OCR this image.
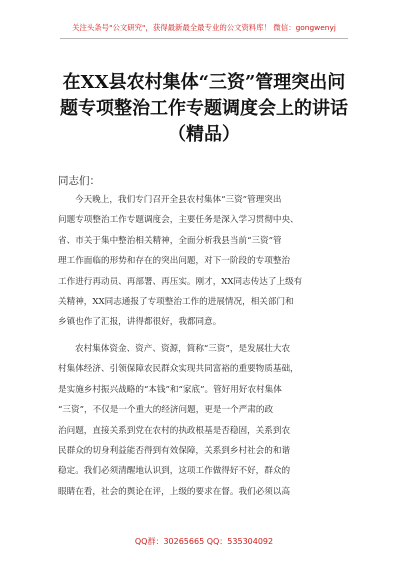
关注头条号"公文研究"，获得最新最全最专业的公文资料库！ 微信：gongwenyj
在XX县农村集体“三资”管理突出问
题专项整治工作专题调度会上的讲话
（精品）
同志们：
今天晚上，我们专门召开全县农村集体“三资”管理突出
问题专项整治工作专题调度会，主要任务是深入学习贯彻中央、
省、市关于集中整治相关精神，全面分析我县当前“三资”管
理工作面临的形势和存在的突出问题，对下一阶段的专项整治
工作进行再动员、再部署、再压实。刚才，XX同志传达了上级有
关精神，XX同志通报了专项整治工作的进展情况，相关部门和
乡镇也作了汇报，讲得都很好，我都同意。
农村集体资金、资产、资源，简称“三资”，是发展壮大农
村集体经济、引领保障农民群众实现共同富裕的重要物质基础，
是实施乡村振兴战略的“本钱”和“家底”。管好用好农村集体
“三资”，不仅是一个重大的经济问题，更是一个严肃的政
治问题，直接关系到党在农村的执政根基是否稳固，关系到农
民群众的切身利益能否得到有效保障，关系到乡村社会的和谐
稳定。我们必须清醒地认识到，这项工作做得好不好，群众的
眼睛在看，社会的舆论在评，上级的要求在督。我们必须以高
QQ群：30265665 QQ：535304092
